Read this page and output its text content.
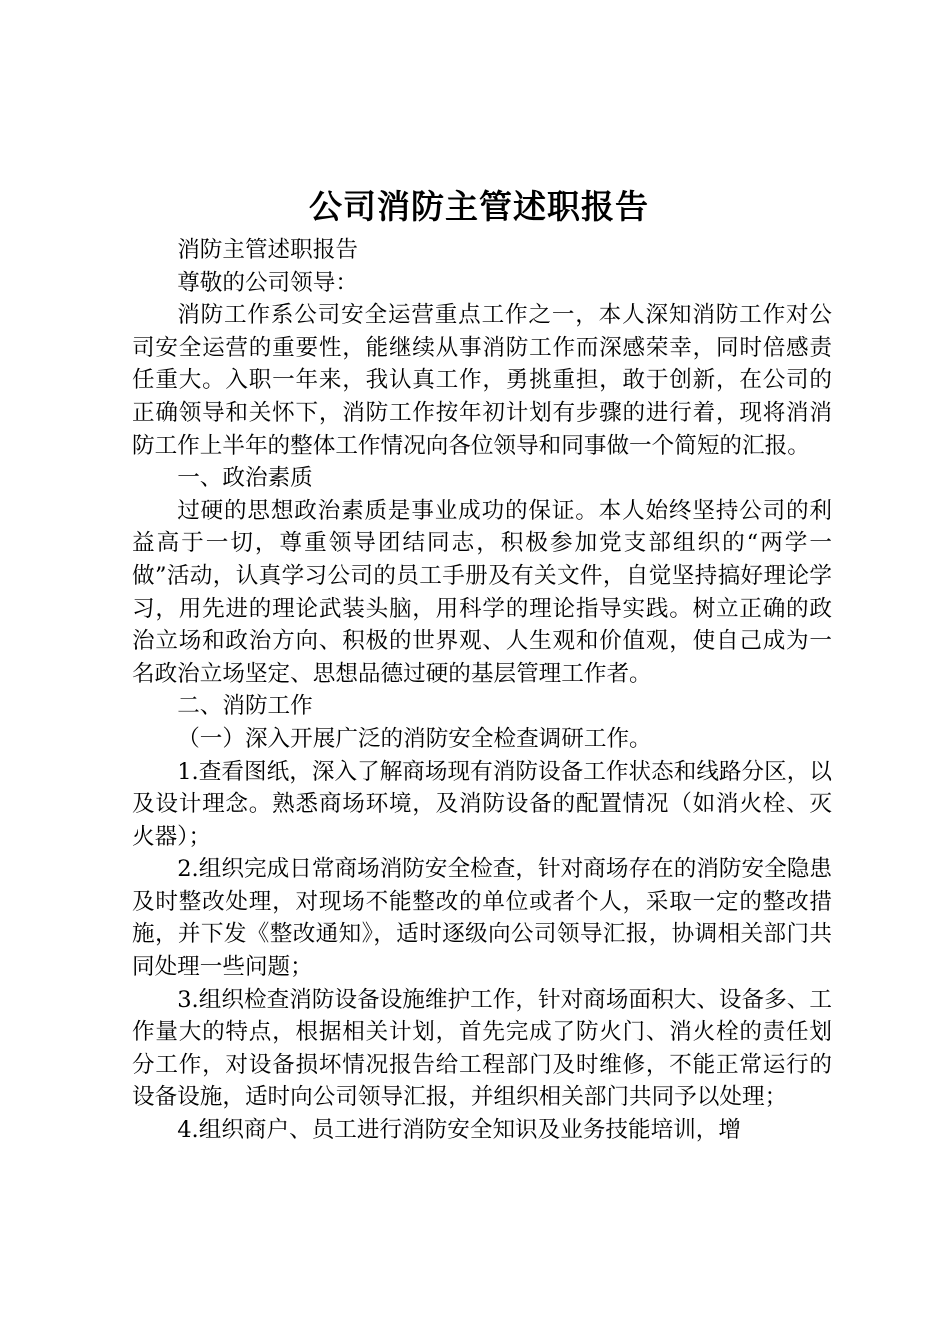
公司消防主管述职报告

消防主管述职报告

尊敬的公司领导：

消防工作系公司安全运营重点工作之一，本人深知消防工作对公司安全运营的重要性，能继续从事消防工作而深感荣幸，同时倍感责任重大。入职一年来，我认真工作，勇挑重担，敢于创新，在公司的正确领导和关怀下，消防工作按年初计划有步骤的进行着，现将消消防工作上半年的整体工作情况向各位领导和同事做一个简短的汇报。

一、政治素质

过硬的思想政治素质是事业成功的保证。本人始终坚持公司的利益高于一切，尊重领导团结同志，积极参加党支部组织的“两学一做”活动，认真学习公司的员工手册及有关文件，自觉坚持搞好理论学习，用先进的理论武装头脑，用科学的理论指导实践。树立正确的政治立场和政治方向、积极的世界观、人生观和价值观，使自己成为一名政治立场坚定、思想品德过硬的基层管理工作者。

二、消防工作

（一）深入开展广泛的消防安全检查调研工作。

1.查看图纸，深入了解商场现有消防设备工作状态和线路分区，以及设计理念。熟悉商场环境，及消防设备的配置情况（如消火栓、灭火器）；

2.组织完成日常商场消防安全检查，针对商场存在的消防安全隐患及时整改处理，对现场不能整改的单位或者个人，采取一定的整改措施，并下发《整改通知》，适时逐级向公司领导汇报，协调相关部门共同处理一些问题；

3.组织检查消防设备设施维护工作，针对商场面积大、设备多、工作量大的特点，根据相关计划，首先完成了防火门、消火栓的责任划分工作，对设备损坏情况报告给工程部门及时维修，不能正常运行的设备设施，适时向公司领导汇报，并组织相关部门共同予以处理；

4.组织商户、员工进行消防安全知识及业务技能培训，增
